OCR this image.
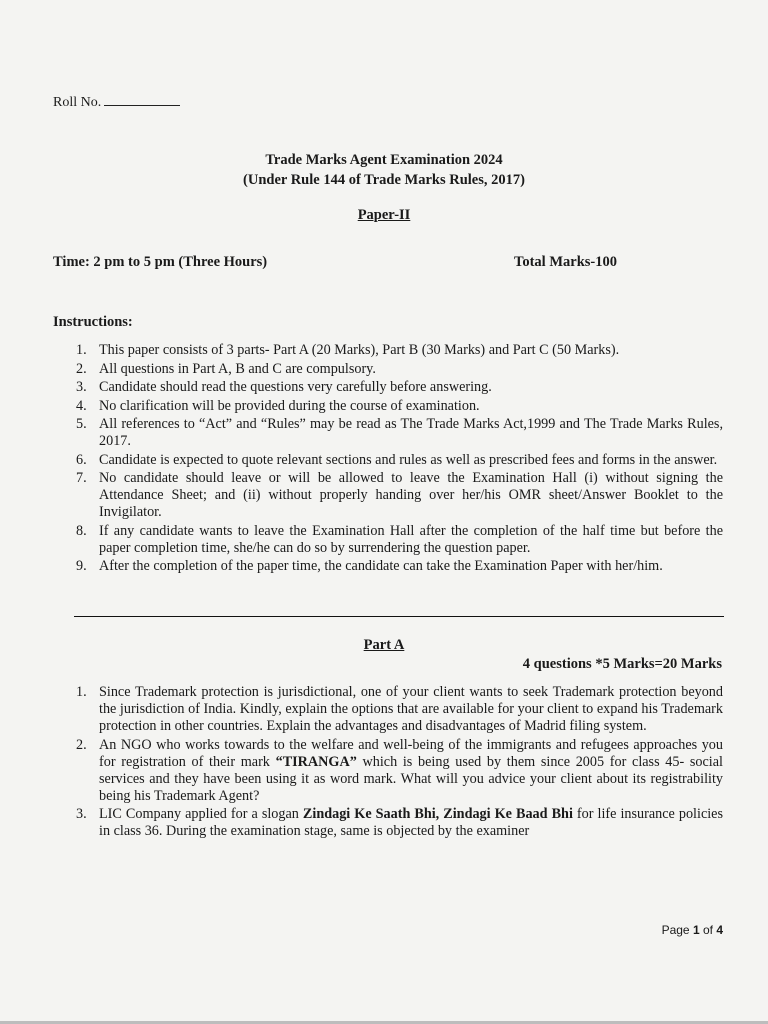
Roll No.
Trade Marks Agent Examination 2024
(Under Rule 144 of Trade Marks Rules, 2017)
Paper-II
Time: 2 pm to 5 pm (Three Hours)	Total Marks-100
Instructions:
1. This paper consists of 3 parts- Part A (20 Marks), Part B (30 Marks) and Part C (50 Marks).
2. All questions in Part A, B and C are compulsory.
3. Candidate should read the questions very carefully before answering.
4. No clarification will be provided during the course of examination.
5. All references to “Act” and “Rules” may be read as The Trade Marks Act,1999 and The Trade Marks Rules, 2017.
6. Candidate is expected to quote relevant sections and rules as well as prescribed fees and forms in the answer.
7. No candidate should leave or will be allowed to leave the Examination Hall (i) without signing the Attendance Sheet; and (ii) without properly handing over her/his OMR sheet/Answer Booklet to the Invigilator.
8. If any candidate wants to leave the Examination Hall after the completion of the half time but before the paper completion time, she/he can do so by surrendering the question paper.
9. After the completion of the paper time, the candidate can take the Examination Paper with her/him.
Part A
4 questions *5 Marks=20 Marks
1. Since Trademark protection is jurisdictional, one of your client wants to seek Trademark protection beyond the jurisdiction of India. Kindly, explain the options that are available for your client to expand his Trademark protection in other countries. Explain the advantages and disadvantages of Madrid filing system.
2. An NGO who works towards to the welfare and well-being of the immigrants and refugees approaches you for registration of their mark “TIRANGA” which is being used by them since 2005 for class 45- social services and they have been using it as word mark. What will you advice your client about its registrability being his Trademark Agent?
3. LIC Company applied for a slogan Zindagi Ke Saath Bhi, Zindagi Ke Baad Bhi for life insurance policies in class 36. During the examination stage, same is objected by the examiner
Page 1 of 4
